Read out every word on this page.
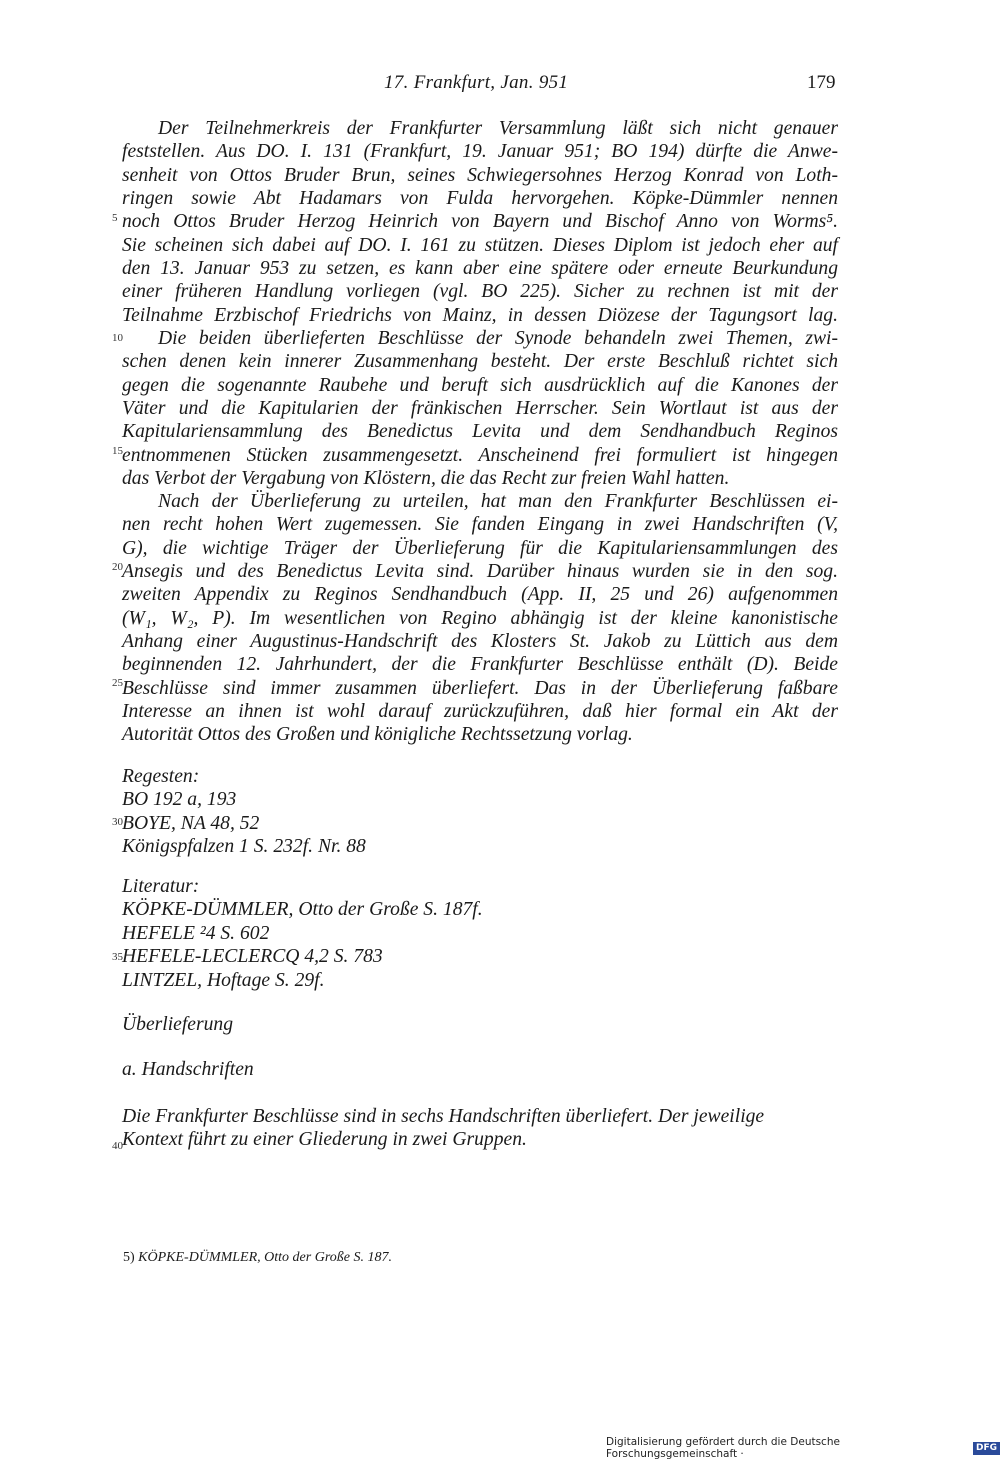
17. Frankfurt, Jan. 951	179
Der Teilnehmerkreis der Frankfurter Versammlung läßt sich nicht genauer
feststellen. Aus DO. I. 131 (Frankfurt, 19. Januar 951; BO 194) dürfte die Anwe-
senheit von Ottos Bruder Brun, seines Schwiegersohnes Herzog Konrad von Loth-
ringen sowie Abt Hadamars von Fulda hervorgehen. Köpke-Dümmler nennen
noch Ottos Bruder Herzog Heinrich von Bayern und Bischof Anno von Worms⁵.
Sie scheinen sich dabei auf DO. I. 161 zu stützen. Dieses Diplom ist jedoch eher auf
den 13. Januar 953 zu setzen, es kann aber eine spätere oder erneute Beurkundung
einer früheren Handlung vorliegen (vgl. BO 225). Sicher zu rechnen ist mit der
Teilnahme Erzbischof Friedrichs von Mainz, in dessen Diözese der Tagungsort lag.
Die beiden überlieferten Beschlüsse der Synode behandeln zwei Themen, zwi-
schen denen kein innerer Zusammenhang besteht. Der erste Beschluß richtet sich
gegen die sogenannte Raubehe und beruft sich ausdrücklich auf die Kanones der
Väter und die Kapitularien der fränkischen Herrscher. Sein Wortlaut ist aus der
Kapitulariensammlung des Benedictus Levita und dem Sendhandbuch Reginos
entnommenen Stücken zusammengesetzt. Anscheinend frei formuliert ist hingegen
das Verbot der Vergabung von Klöstern, die das Recht zur freien Wahl hatten.
Nach der Überlieferung zu urteilen, hat man den Frankfurter Beschlüssen ei-
nen recht hohen Wert zugemessen. Sie fanden Eingang in zwei Handschriften (V,
G), die wichtige Träger der Überlieferung für die Kapitulariensammlungen des
Ansegis und des Benedictus Levita sind. Darüber hinaus wurden sie in den sog.
zweiten Appendix zu Reginos Sendhandbuch (App. II, 25 und 26) aufgenommen
(W₁, W₂, P). Im wesentlichen von Regino abhängig ist der kleine kanonistische
Anhang einer Augustinus-Handschrift des Klosters St. Jakob zu Lüttich aus dem
beginnenden 12. Jahrhundert, der die Frankfurter Beschlüsse enthält (D). Beide
Beschlüsse sind immer zusammen überliefert. Das in der Überlieferung faßbare
Interesse an ihnen ist wohl darauf zurückzuführen, daß hier formal ein Akt der
Autorität Ottos des Großen und königliche Rechtssetzung vorlag.
5
10
15
20
25
30
35
40
Regesten:
BO 192 a, 193
BOYE, NA 48, 52
Königspfalzen 1 S. 232f. Nr. 88
Literatur:
KÖPKE-DÜMMLER, Otto der Große S. 187f.
HEFELE ²4 S. 602
HEFELE-LECLERCQ 4,2 S. 783
LINTZEL, Hoftage S. 29f.
Überlieferung
a. Handschriften
Die Frankfurter Beschlüsse sind in sechs Handschriften überliefert. Der jeweilige
Kontext führt zu einer Gliederung in zwei Gruppen.
5) KÖPKE-DÜMMLER, Otto der Große S. 187.
Digitalisierung gefördert durch die Deutsche Forschungsgemeinschaft ·
DFG
